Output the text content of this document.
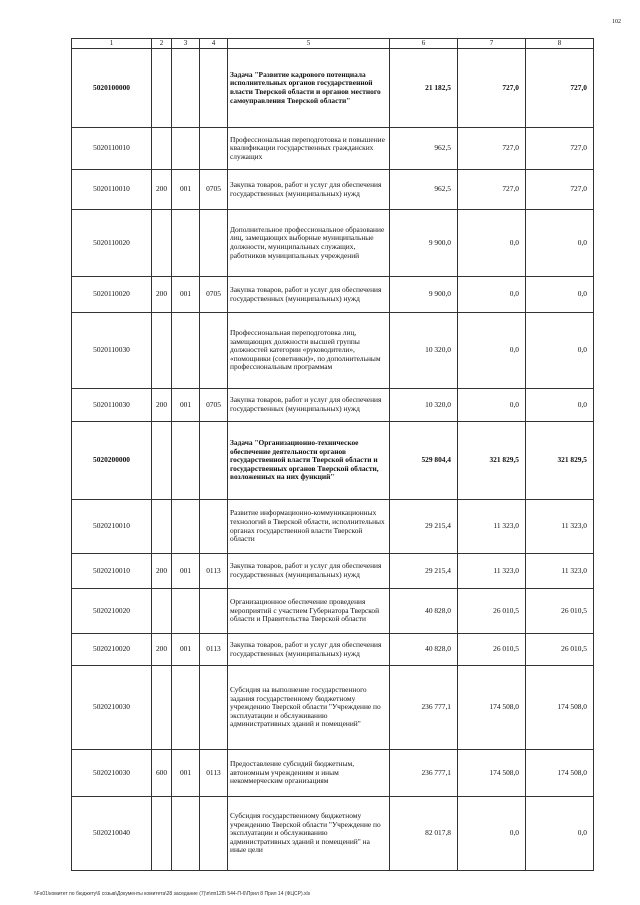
102
1	2	3	4	5	6	7	8
5020100000				Задача "Развитие кадрового потенциала исполнительных органов государственной власти Тверской области и органов местного самоуправления Тверской области"	21 182,5	727,0	727,0
5020110010				Профессиональная переподготовка и повышение квалификации государственных гражданских служащих	962,5	727,0	727,0
5020110010	200	001	0705	Закупка товаров, работ и услуг для обеспечения государственных (муниципальных) нужд	962,5	727,0	727,0
5020110020				Дополнительное профессиональное образование лиц, замещающих выборные муниципальные должности, муниципальных служащих, работников муниципальных учреждений	9 900,0	0,0	0,0
5020110020	200	001	0705	Закупка товаров, работ и услуг для обеспечения государственных (муниципальных) нужд	9 900,0	0,0	0,0
5020110030				Профессиональная переподготовка лиц, замещающих должности высшей группы должностей категории «руководители», «помощники (советники)», по дополнительным профессиональным программам	10 320,0	0,0	0,0
5020110030	200	001	0705	Закупка товаров, работ и услуг для обеспечения государственных (муниципальных) нужд	10 320,0	0,0	0,0
5020200000				Задача "Организационно-техническое обеспечение деятельности органов государственной власти Тверской области и государственных органов Тверской области, возложенных на них функций"	529 804,4	321 829,5	321 829,5
5020210010				Развитие информационно-коммуникационных технологий в Тверской области, исполнительных органах государственной власти Тверской области	29 215,4	11 323,0	11 323,0
5020210010	200	001	0113	Закупка товаров, работ и услуг для обеспечения государственных (муниципальных) нужд	29 215,4	11 323,0	11 323,0
5020210020				Организационное обеспечение проведения мероприятий с участием Губернатора Тверской области и Правительства Тверской области	40 828,0	26 010,5	26 010,5
5020210020	200	001	0113	Закупка товаров, работ и услуг для обеспечения государственных (муниципальных) нужд	40 828,0	26 010,5	26 010,5
5020210030				Субсидия на выполнение государственного задания государственному бюджетному учреждению Тверской области "Учреждение по эксплуатации и обслуживанию административных зданий и помещений"	236 777,1	174 508,0	174 508,0
5020210030	600	001	0113	Предоставление субсидий бюджетным, автономным учреждениям и иным некоммерческим организациям	236 777,1	174 508,0	174 508,0
5020210040				Субсидия государственному бюджетному учреждению Тверской области "Учреждение по эксплуатации и обслуживанию административных зданий и помещений" на иные цели	82 017,8	0,0	0,0
\\Fs01\комитет по бюджету\6 созыв\Документы комитета\28 заседание (7)\п\пп128\ 544-П-6\Прил 8 Прил 14 (ФЦСР).xls
